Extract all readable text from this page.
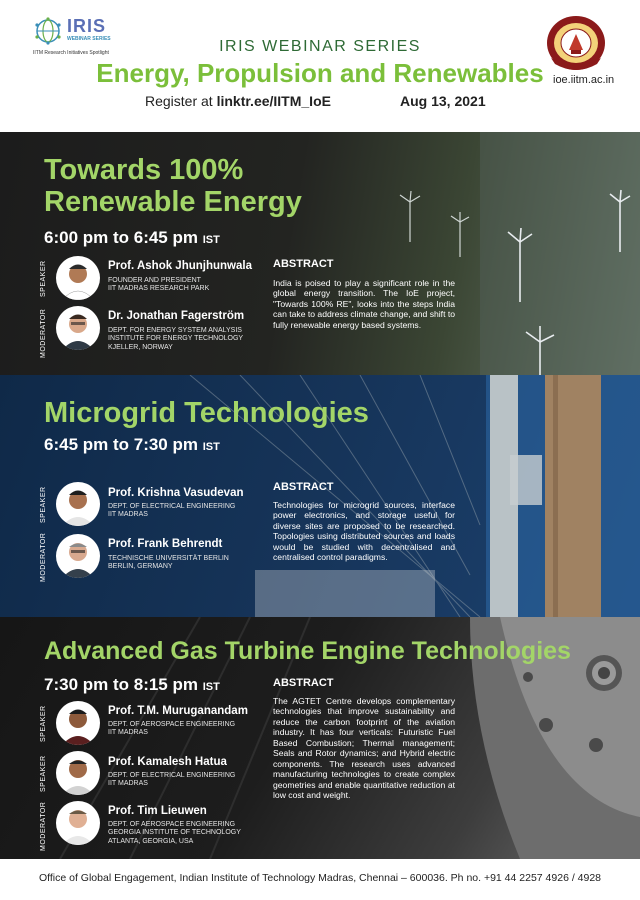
IRIS
WEBINAR SERIES
IITM Research Initiatives Spotlight	IRIS WEBINAR SERIES
Energy, Propulsion and Renewables
Register at linktr.ee/IITM_IoE	Aug 13, 2021
ioe.iitm.ac.in
Towards 100%
Renewable Energy
6:00 pm to 6:45 pm IST
SPEAKER	Prof. Ashok Jhunjhunwala
FOUNDER AND PRESIDENT
IIT MADRAS RESEARCH PARK
MODERATOR	Dr. Jonathan Fagerström
DEPT. FOR ENERGY SYSTEM ANALYSIS
INSTITUTE FOR ENERGY TECHNOLOGY
KJELLER, NORWAY
ABSTRACT
India is poised to play a significant role in the global energy transition. The IoE project, "Towards 100% RE", looks into the steps India can take to address climate change, and shift to fully renewable energy based systems.
Microgrid Technologies
6:45 pm to 7:30 pm IST
SPEAKER	Prof. Krishna Vasudevan
DEPT. OF ELECTRICAL ENGINEERING
IIT MADRAS
MODERATOR	Prof. Frank Behrendt
TECHNISCHE UNIVERSITÄT BERLIN
BERLIN, GERMANY
ABSTRACT
Technologies for microgrid sources, interface power electronics, and storage useful for diverse sites are proposed to be researched. Topologies using distributed sources and loads would be studied with decentralised and centralised control paradigms.
Advanced Gas Turbine Engine Technologies
7:30 pm to 8:15 pm IST
SPEAKER	Prof. T.M. Muruganandam
DEPT. OF AEROSPACE ENGINEERING
IIT MADRAS
SPEAKER	Prof. Kamalesh Hatua
DEPT. OF ELECTRICAL ENGINEERING
IIT MADRAS
MODERATOR	Prof. Tim Lieuwen
DEPT. OF AEROSPACE ENGINEERING
GEORGIA INSTITUTE OF TECHNOLOGY
ATLANTA, GEORGIA, USA
ABSTRACT
The AGTET Centre develops complementary technologies that improve sustainability and reduce the carbon footprint of the aviation industry. It has four verticals: Futuristic Fuel Based Combustion; Thermal management; Seals and Rotor dynamics; and Hybrid electric components. The research uses advanced manufacturing technologies to create complex geometries and enable quantitative reduction at low cost and weight.
Office of Global Engagement, Indian Institute of Technology Madras, Chennai – 600036. Ph no. +91 44 2257 4926 / 4928
